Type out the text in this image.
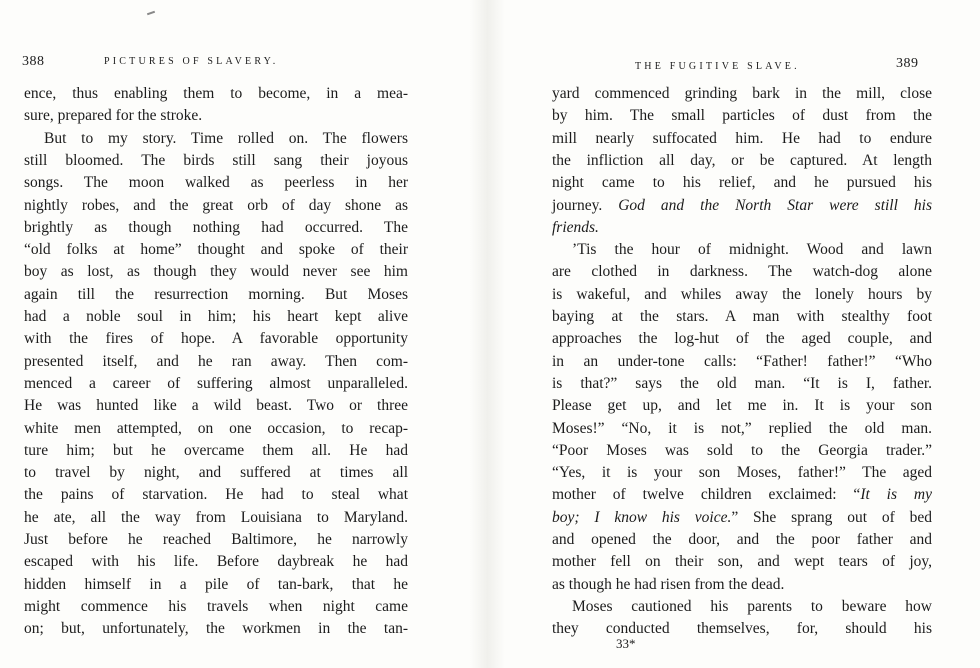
388	PICTURES OF SLAVERY.
ence, thus enabling them to become, in a mea-
sure, prepared for the stroke.
But to my story. Time rolled on. The flowers
still bloomed. The birds still sang their joyous
songs. The moon walked as peerless in her
nightly robes, and the great orb of day shone as
brightly as though nothing had occurred. The
“old folks at home” thought and spoke of their
boy as lost, as though they would never see him
again till the resurrection morning. But Moses
had a noble soul in him; his heart kept alive
with the fires of hope. A favorable opportunity
presented itself, and he ran away. Then com-
menced a career of suffering almost unparalleled.
He was hunted like a wild beast. Two or three
white men attempted, on one occasion, to recap-
ture him; but he overcame them all. He had
to travel by night, and suffered at times all
the pains of starvation. He had to steal what
he ate, all the way from Louisiana to Maryland.
Just before he reached Baltimore, he narrowly
escaped with his life. Before daybreak he had
hidden himself in a pile of tan-bark, that he
might commence his travels when night came
on; but, unfortunately, the workmen in the tan-
THE FUGITIVE SLAVE.	389
yard commenced grinding bark in the mill, close
by him. The small particles of dust from the
mill nearly suffocated him. He had to endure
the infliction all day, or be captured. At length
night came to his relief, and he pursued his
journey. God and the North Star were still his
friends.
’Tis the hour of midnight. Wood and lawn
are clothed in darkness. The watch-dog alone
is wakeful, and whiles away the lonely hours by
baying at the stars. A man with stealthy foot
approaches the log-hut of the aged couple, and
in an under-tone calls: “Father! father!” “Who
is that?” says the old man. “It is I, father.
Please get up, and let me in. It is your son
Moses!” “No, it is not,” replied the old man.
“Poor Moses was sold to the Georgia trader.”
“Yes, it is your son Moses, father!” The aged
mother of twelve children exclaimed: “It is my
boy; I know his voice.” She sprang out of bed
and opened the door, and the poor father and
mother fell on their son, and wept tears of joy,
as though he had risen from the dead.
Moses cautioned his parents to beware how
they conducted themselves, for, should his
33*
